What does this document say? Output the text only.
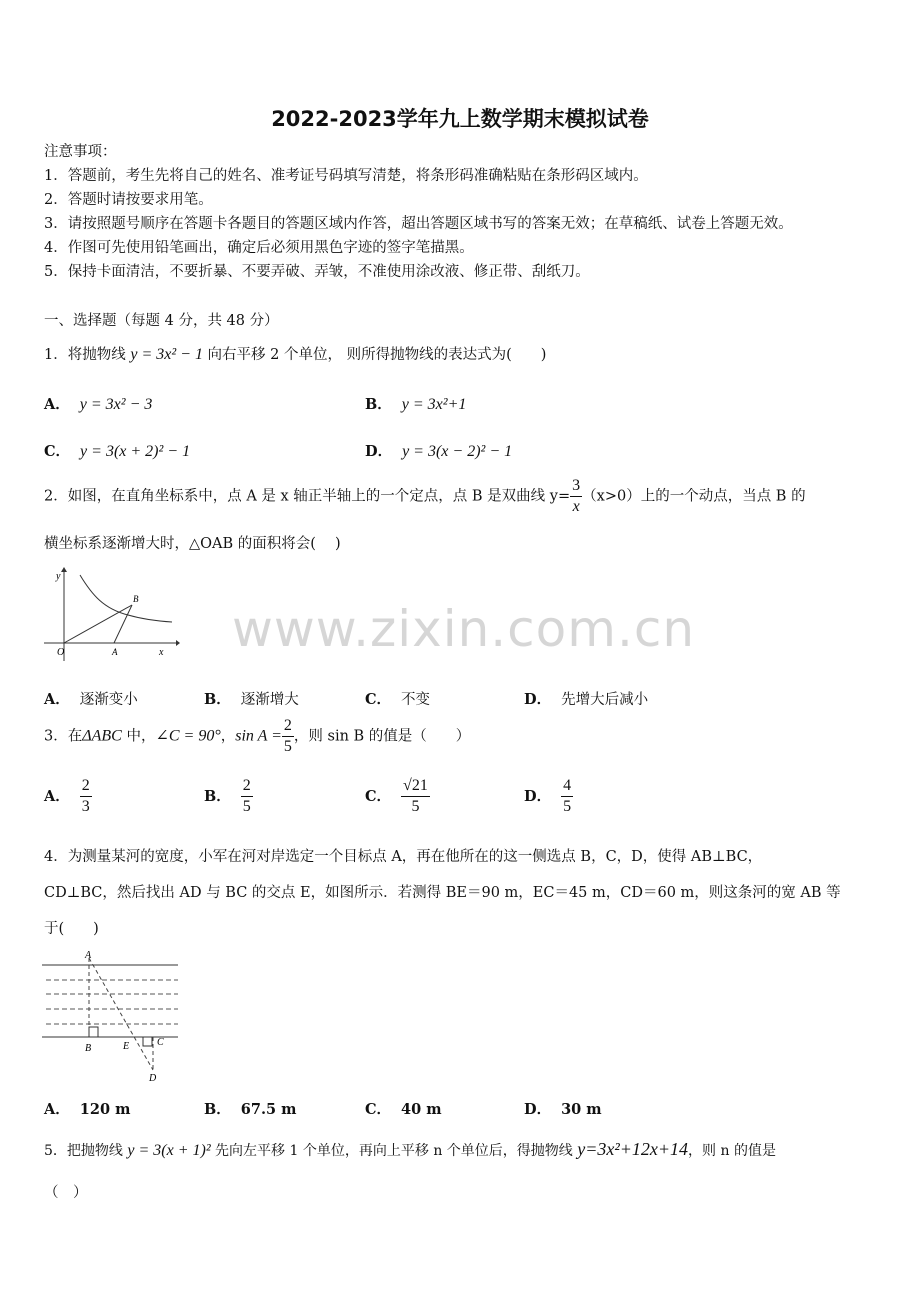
2022-2023学年九上数学期末模拟试卷
注意事项：
1．答题前，考生先将自己的姓名、准考证号码填写清楚，将条形码准确粘贴在条形码区域内。
2．答题时请按要求用笔。
3．请按照题号顺序在答题卡各题目的答题区域内作答，超出答题区域书写的答案无效；在草稿纸、试卷上答题无效。
4．作图可先使用铅笔画出，确定后必须用黑色字迹的签字笔描黑。
5．保持卡面清洁，不要折暴、不要弄破、弄皱，不准使用涂改液、修正带、刮纸刀。
一、选择题（每题 4 分，共 48 分）
1．将抛物线 y = 3x² − 1 向右平移 2 个单位， 则所得抛物线的表达式为(　　)
A． y = 3x² − 3	B． y = 3x²+1
C． y = 3(x + 2)² − 1	D． y = 3(x − 2)² − 1
2．如图，在直角坐标系中，点 A 是 x 轴正半轴上的一个定点，点 B 是双曲线 $y= \frac{3}{x} (x>0)$上的一个动点，当点 B 的
横坐标系逐渐增大时，△OAB 的面积将会(　 )
y
O	A
B
x www.zixin.com.cn
A． 逐渐变小	B． 逐渐增大	C． 不变	D． 先增大后减小
3．在ΔABC 中，∠C = 90°，$\sin A = \frac{2}{5}$ ，则 sin B 的值是（　　）
A． $\frac{2}{3}$	B． $\frac{2}{5}$	C． $\frac{√21}{5}$	D． $\frac{4}{5}$
4．为测量某河的宽度，小军在河对岸选定一个目标点 A，再在他所在的这一侧选点 B，C，D，使得 AB⊥BC，
CD⊥BC，然后找出 AD 与 BC 的交点 E，如图所示．若测得 BE＝90 m，EC＝45 m，CD＝60 m，则这条河的宽 AB 等
于(　　)
A
B	E	C
D
A． 120 m	B． 67.5 m	C． 40 m	D． 30 m
5．把抛物线 y = 3(x + 1)² 先向左平移 1 个单位，再向上平移 n 个单位后，得抛物线 y=3x²+12x+14，则 n 的值是
（　）
